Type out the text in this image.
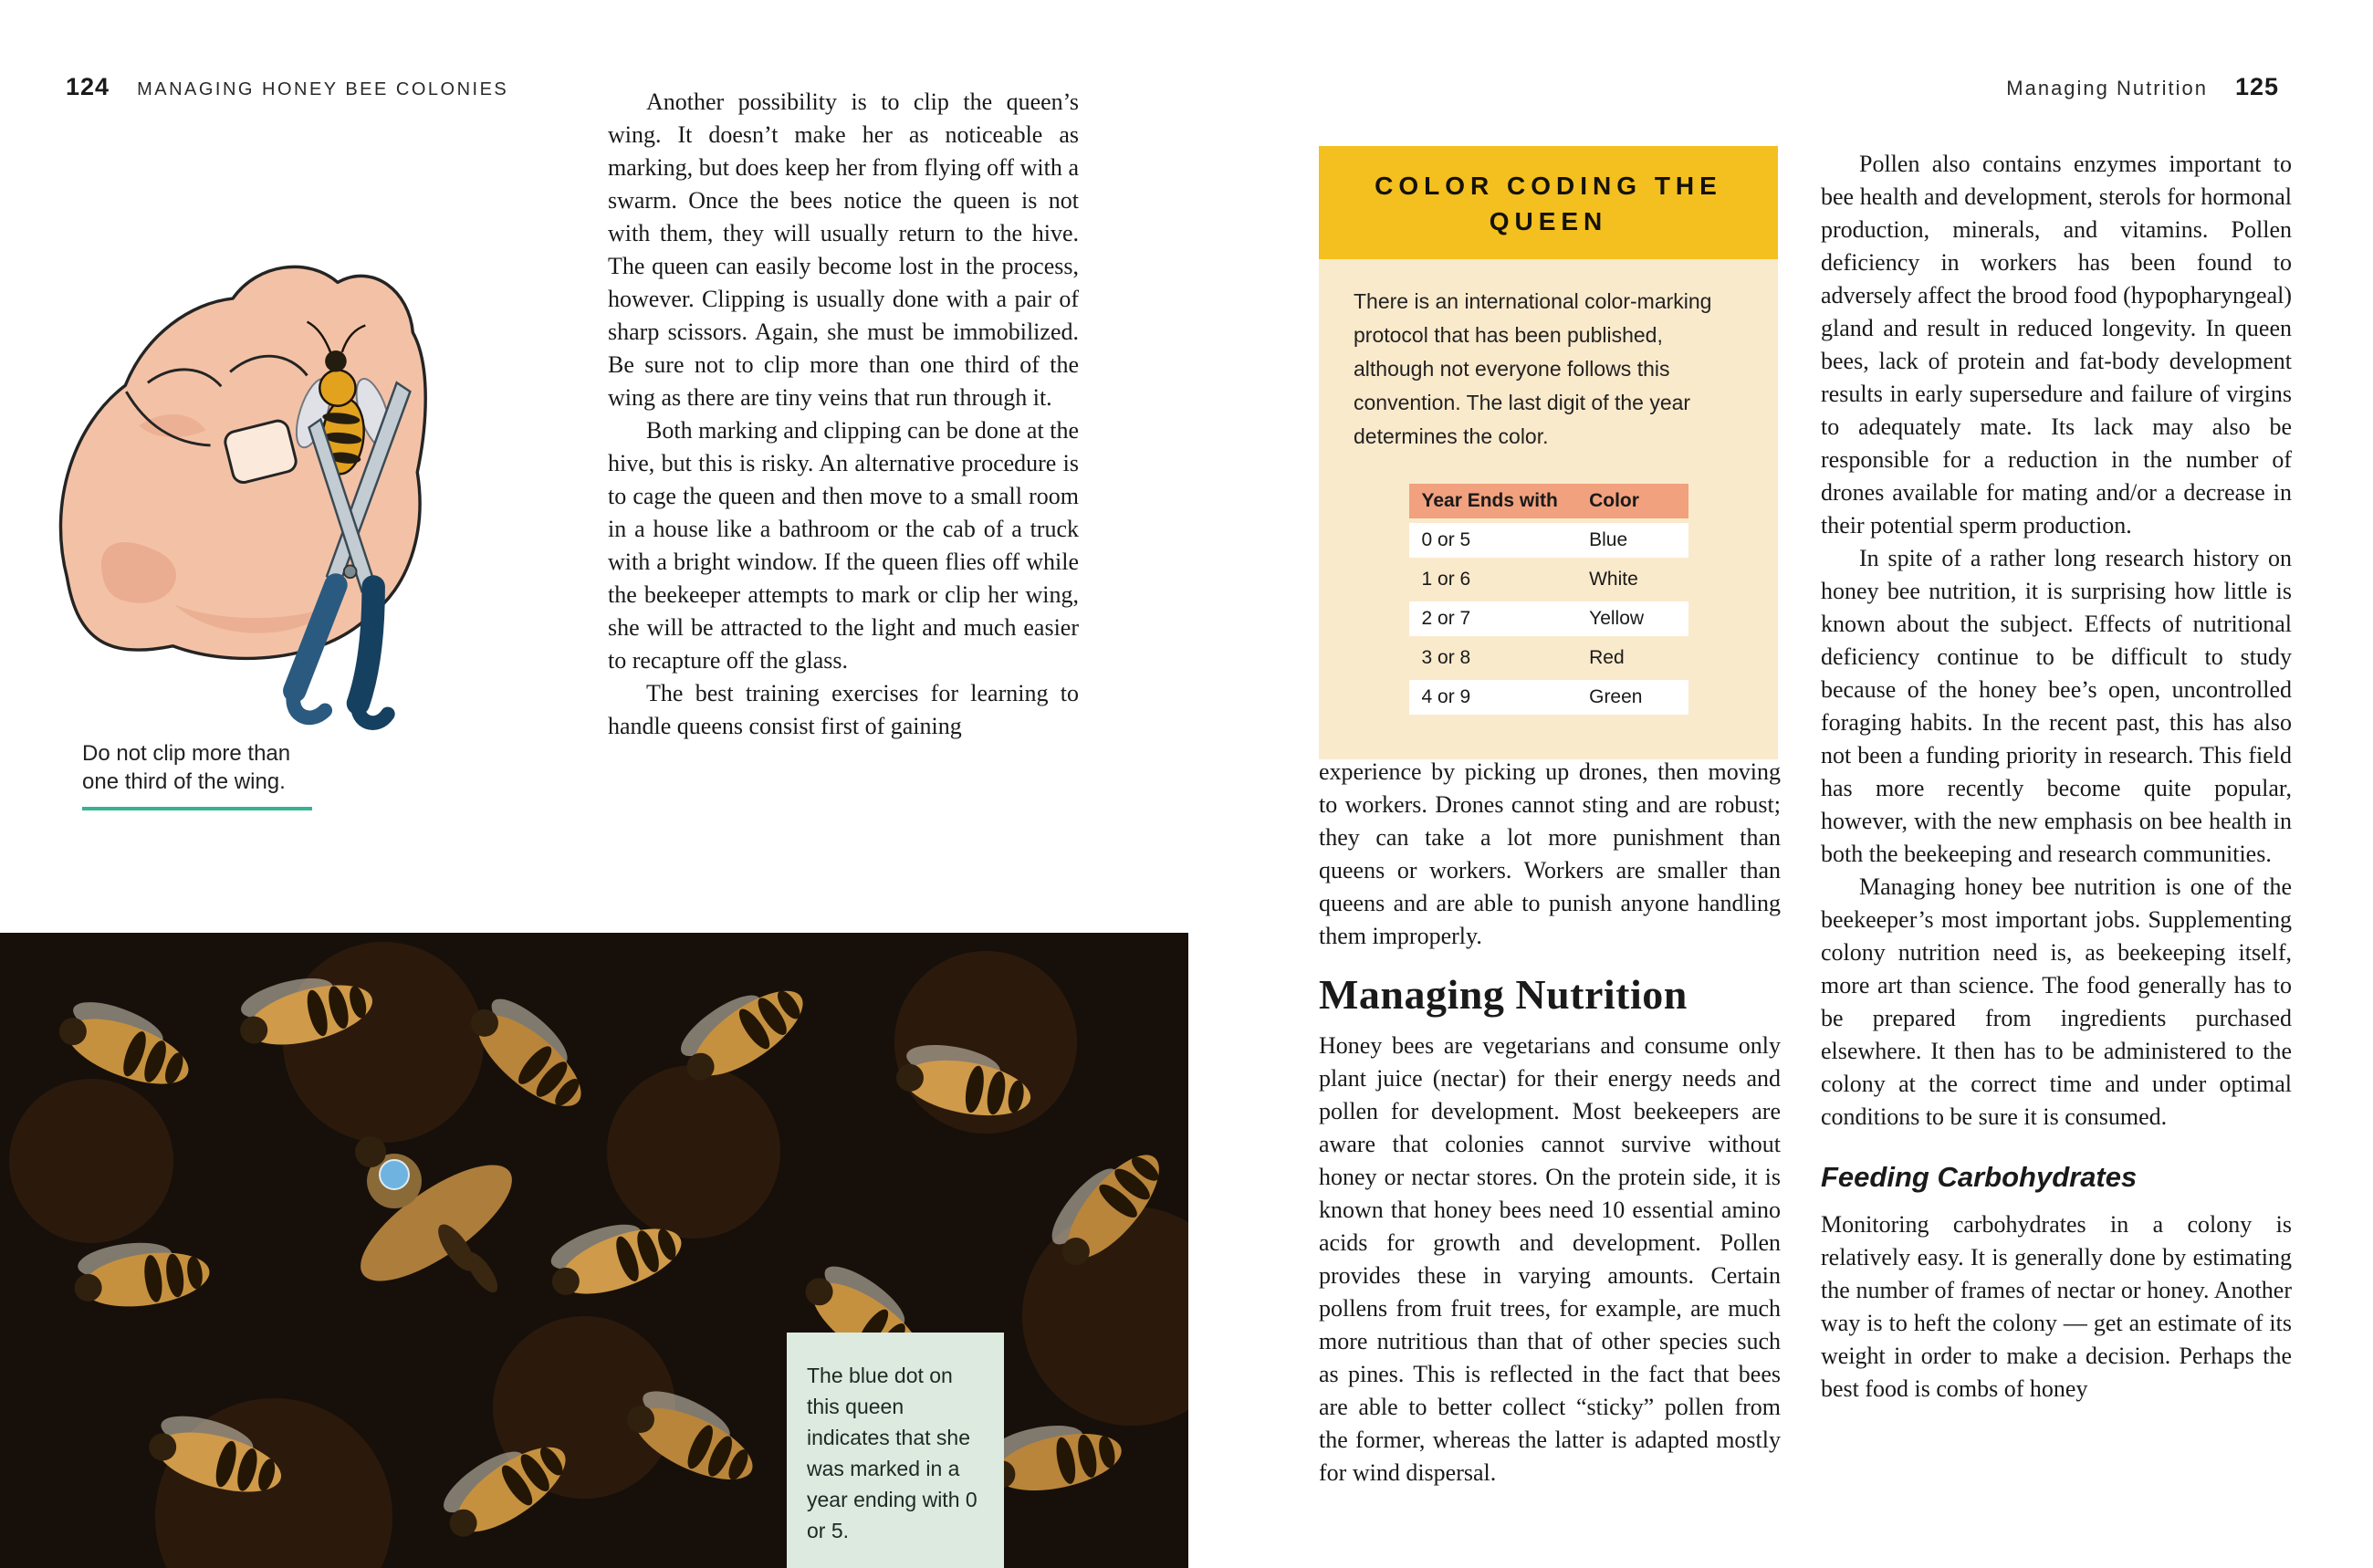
124 MANAGING HONEY BEE COLONIES	Managing Nutrition 125
Do not clip more than one third of the wing.

Another possibility is to clip the queen’s wing. It doesn’t make her as noticeable as marking, but does keep her from flying off with a swarm. Once the bees notice the queen is not with them, they will usually return to the hive. The queen can easily become lost in the process, however. Clipping is usually done with a pair of sharp scissors. Again, she must be immobilized. Be sure not to clip more than one third of the wing as there are tiny veins that run through it.

Both marking and clipping can be done at the hive, but this is risky. An alternative procedure is to cage the queen and then move to a small room in a house like a bathroom or the cab of a truck with a bright window. If the queen flies off while the beekeeper attempts to mark or clip her wing, she will be attracted to the light and much easier to recapture off the glass.

The best training exercises for learning to handle queens consist first of gaining

The blue dot on this queen indicates that she was marked in a year ending with 0 or 5.

COLOR CODING THE QUEEN

There is an international color-marking protocol that has been published, although not everyone follows this convention. The last digit of the year determines the color.

Year Ends with	Color
0 or 5	Blue
1 or 6	White
2 or 7	Yellow
3 or 8	Red
4 or 9	Green

experience by picking up drones, then moving to workers. Drones cannot sting and are robust; they can take a lot more punishment than queens or workers. Workers are smaller than queens and are able to punish anyone handling them improperly.

Managing Nutrition

Honey bees are vegetarians and consume only plant juice (nectar) for their energy needs and pollen for development. Most beekeepers are aware that colonies cannot survive without honey or nectar stores. On the protein side, it is known that honey bees need 10 essential amino acids for growth and development. Pollen provides these in varying amounts. Certain pollens from fruit trees, for example, are much more nutritious than that of other species such as pines. This is reflected in the fact that bees are able to better collect “sticky” pollen from the former, whereas the latter is adapted mostly for wind dispersal.

Pollen also contains enzymes important to bee health and development, sterols for hormonal production, minerals, and vitamins. Pollen deficiency in workers has been found to adversely affect the brood food (hypopharyngeal) gland and result in reduced longevity. In queen bees, lack of protein and fat-body development results in early supersedure and failure of virgins to adequately mate. Its lack may also be responsible for a reduction in the number of drones available for mating and/or a decrease in their potential sperm production.

In spite of a rather long research history on honey bee nutrition, it is surprising how little is known about the subject. Effects of nutritional deficiency continue to be difficult to study because of the honey bee’s open, uncontrolled foraging habits. In the recent past, this has also not been a funding priority in research. This field has more recently become quite popular, however, with the new emphasis on bee health in both the beekeeping and research communities.

Managing honey bee nutrition is one of the beekeeper’s most important jobs. Supplementing colony nutrition need is, as beekeeping itself, more art than science. The food generally has to be prepared from ingredients purchased elsewhere. It then has to be administered to the colony at the correct time and under optimal conditions to be sure it is consumed.

Feeding Carbohydrates

Monitoring carbohydrates in a colony is relatively easy. It is generally done by estimating the number of frames of nectar or honey. Another way is to heft the colony — get an estimate of its weight in order to make a decision. Perhaps the best food is combs of honey
